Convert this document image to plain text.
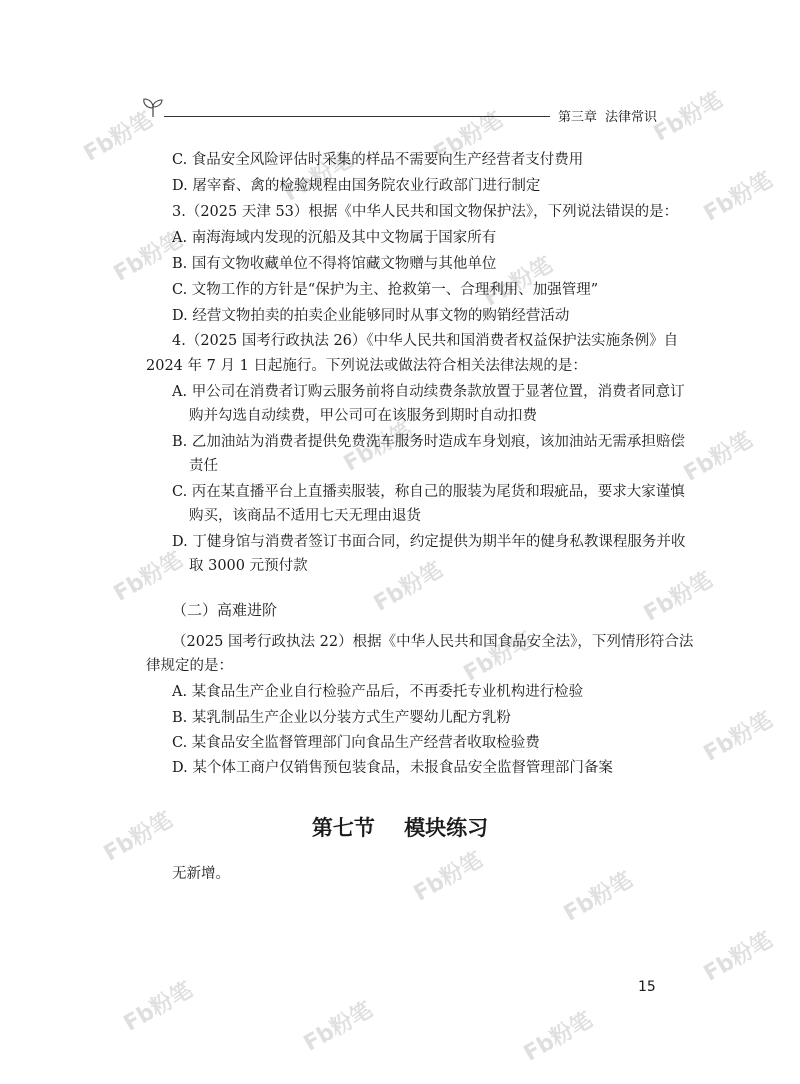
Fb粉笔	Fb粉笔
Fb粉笔
Fb粉笔
Fb粉笔	Fb粉笔
Fb粉笔
Fb粉笔	Fb粉笔
Fb粉笔	Fb粉笔	Fb粉笔
Fb粉笔
Fb粉笔
Fb粉笔
Fb粉笔	Fb粉笔
Fb粉笔
Fb粉笔	Fb粉笔	Fb粉笔
第三章 法律常识
C. 食品安全风险评估时采集的样品不需要向生产经营者支付费用
D. 屠宰畜、禽的检验规程由国务院农业行政部门进行制定
3.（2025 天津 53）根据《中华人民共和国文物保护法》，下列说法错误的是：
A. 南海海域内发现的沉船及其中文物属于国家所有
B. 国有文物收藏单位不得将馆藏文物赠与其他单位
C. 文物工作的方针是“保护为主、抢救第一、合理利用、加强管理”
D. 经营文物拍卖的拍卖企业能够同时从事文物的购销经营活动
4.（2025 国考行政执法 26）《中华人民共和国消费者权益保护法实施条例》自
2024 年 7 月 1 日起施行。下列说法或做法符合相关法律法规的是：
A. 甲公司在消费者订购云服务前将自动续费条款放置于显著位置，消费者同意订
购并勾选自动续费，甲公司可在该服务到期时自动扣费
B. 乙加油站为消费者提供免费洗车服务时造成车身划痕，该加油站无需承担赔偿
责任
C. 丙在某直播平台上直播卖服装，称自己的服装为尾货和瑕疵品，要求大家谨慎
购买，该商品不适用七天无理由退货
D. 丁健身馆与消费者签订书面合同，约定提供为期半年的健身私教课程服务并收
取 3000 元预付款
（二）高难进阶
（2025 国考行政执法 22）根据《中华人民共和国食品安全法》，下列情形符合法
律规定的是：
A. 某食品生产企业自行检验产品后，不再委托专业机构进行检验
B. 某乳制品生产企业以分装方式生产婴幼儿配方乳粉
C. 某食品安全监督管理部门向食品生产经营者收取检验费
D. 某个体工商户仅销售预包装食品，未报食品安全监督管理部门备案
第七节    模块练习
无新增。
15
